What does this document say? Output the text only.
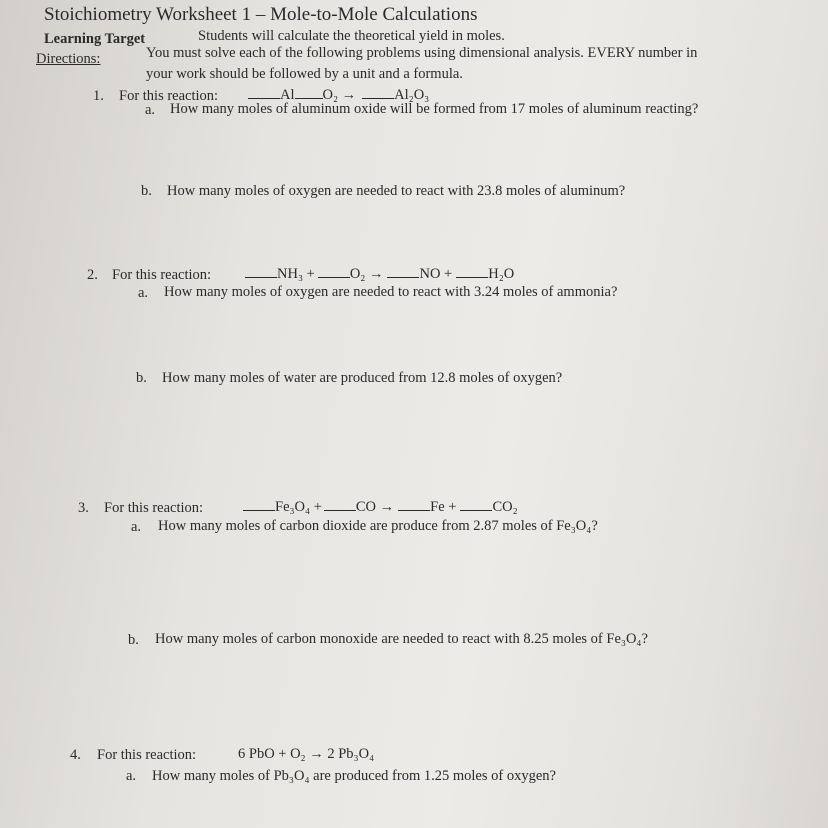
Stoichiometry Worksheet 1 – Mole-to-Mole Calculations
Learning Target	Students will calculate the theoretical yield in moles.
Directions:	You must solve each of the following problems using dimensional analysis. EVERY number in
your work should be followed by a unit and a formula.
1. For this reaction:	Al O₂ →	Al₂O₃
a. How many moles of aluminum oxide will be formed from 17 moles of aluminum reacting?
b. How many moles of oxygen are needed to react with 23.8 moles of aluminum?
2. For this reaction:	NH₃ + O₂ → NO + H₂O
a. How many moles of oxygen are needed to react with 3.24 moles of ammonia?
b. How many moles of water are produced from 12.8 moles of oxygen?
3. For this reaction:	Fe₃O₄ + CO → Fe + CO₂
a. How many moles of carbon dioxide are produce from 2.87 moles of Fe₃O₄?
b. How many moles of carbon monoxide are needed to react with 8.25 moles of Fe₃O₄?
4. For this reaction:	6 PbO + O₂ → 2 Pb₃O₄
a. How many moles of Pb₃O₄ are produced from 1.25 moles of oxygen?
